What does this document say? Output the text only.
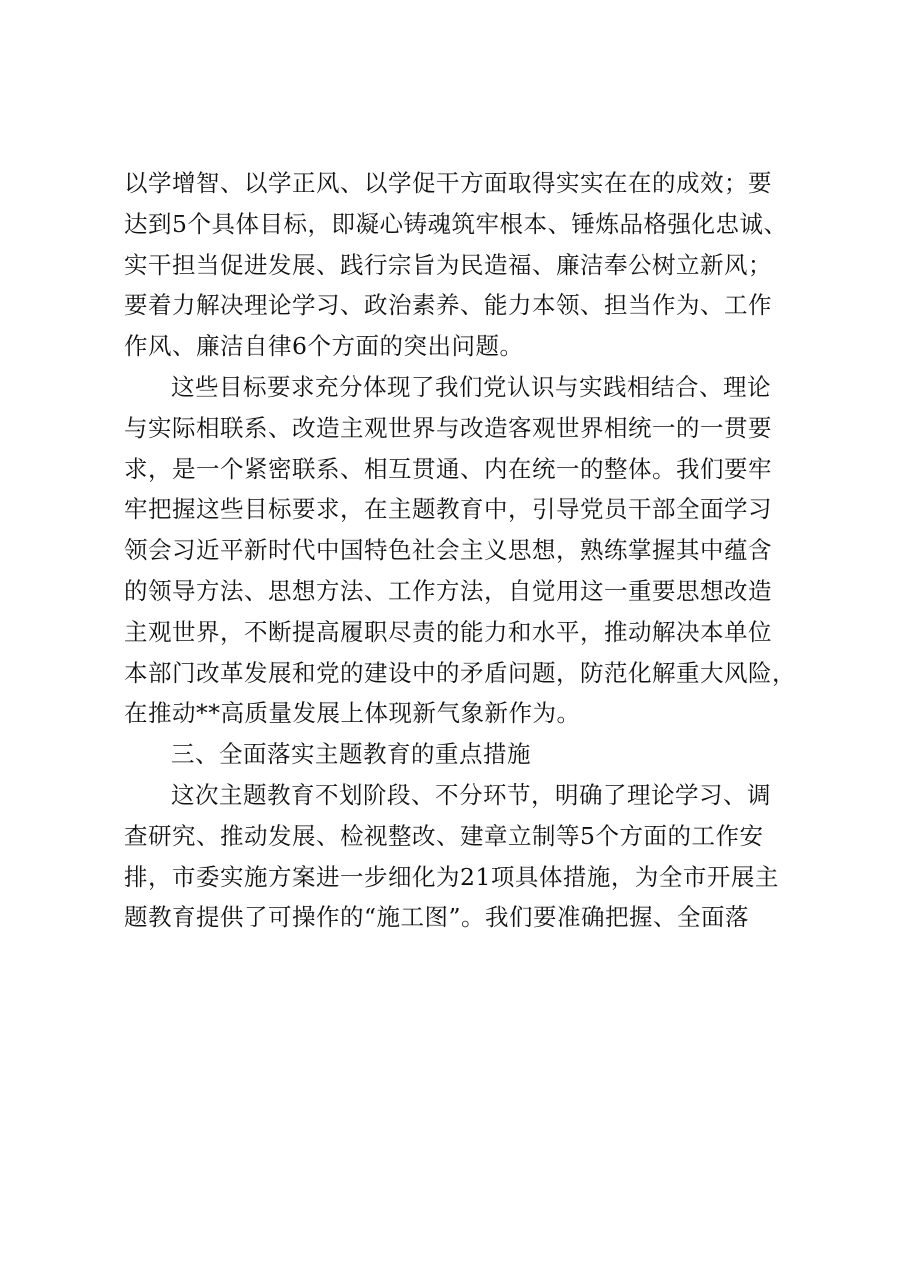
以学增智、以学正风、以学促干方面取得实实在在的成效；要
达到5个具体目标，即凝心铸魂筑牢根本、锤炼品格强化忠诚、
实干担当促进发展、践行宗旨为民造福、廉洁奉公树立新风；
要着力解决理论学习、政治素养、能力本领、担当作为、工作
作风、廉洁自律6个方面的突出问题。
这些目标要求充分体现了我们党认识与实践相结合、理论
与实际相联系、改造主观世界与改造客观世界相统一的一贯要
求，是一个紧密联系、相互贯通、内在统一的整体。我们要牢
牢把握这些目标要求，在主题教育中，引导党员干部全面学习
领会习近平新时代中国特色社会主义思想，熟练掌握其中蕴含
的领导方法、思想方法、工作方法，自觉用这一重要思想改造
主观世界，不断提高履职尽责的能力和水平，推动解决本单位
本部门改革发展和党的建设中的矛盾问题，防范化解重大风险，
在推动**高质量发展上体现新气象新作为。
三、全面落实主题教育的重点措施
这次主题教育不划阶段、不分环节，明确了理论学习、调
查研究、推动发展、检视整改、建章立制等5个方面的工作安
排，市委实施方案进一步细化为21项具体措施，为全市开展主
题教育提供了可操作的“施工图”。我们要准确把握、全面落
